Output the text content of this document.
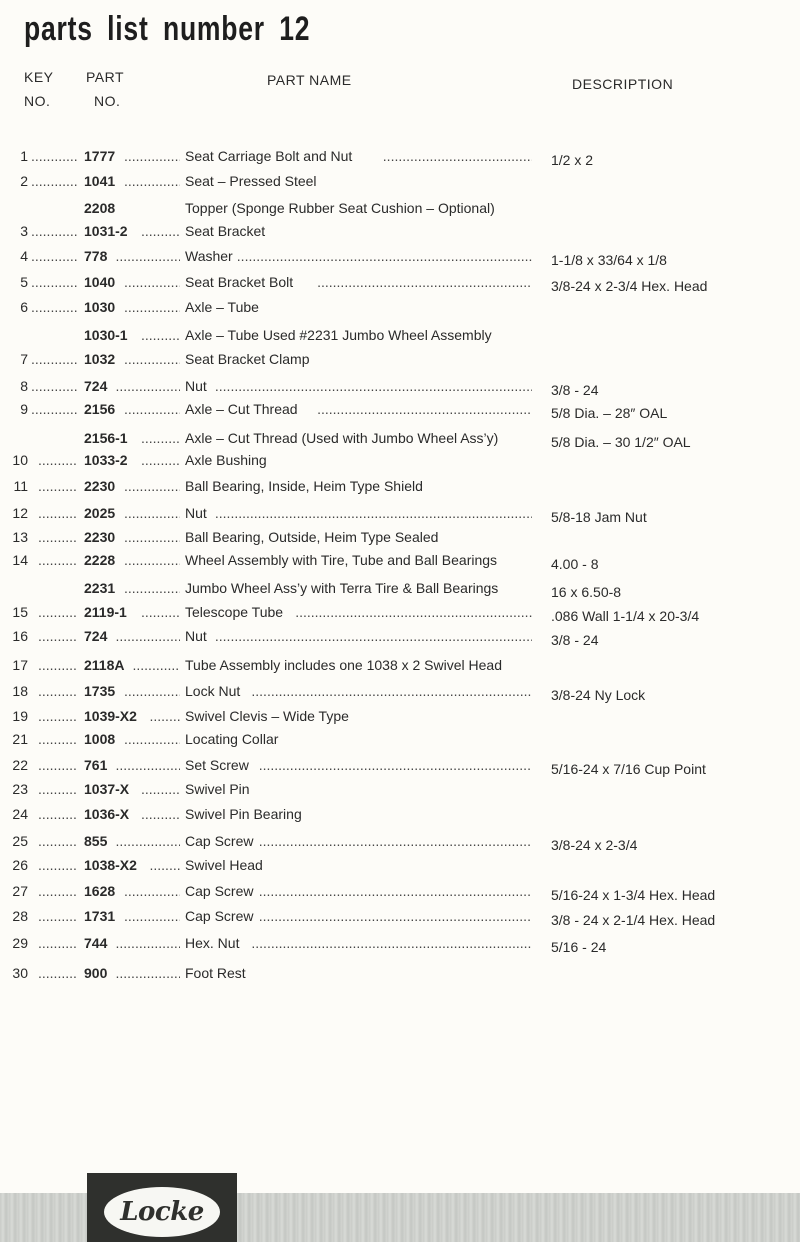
parts list number 12
KEY
NO.
PART
NO.
PART NAME	DESCRIPTION
1 .....	1777 .....	Seat Carriage Bolt and Nut .....	1/2 x 2
2 .....	1041 .....	Seat – Pressed Steel
2208	Topper (Sponge Rubber Seat Cushion – Optional)
3 .....	1031-2 .....	Seat Bracket
4 .....	778 .....	Washer .....	1-1/8 x 33/64 x 1/8
5 .....	1040 .....	Seat Bracket Bolt .....	3/8-24 x 2-3/4 Hex. Head
6 .....	1030 .....	Axle – Tube
1030-1 .....	Axle – Tube Used #2231 Jumbo Wheel Assembly
7 .....	1032 .....	Seat Bracket Clamp
8 .....	724 .....	Nut .....	3/8 - 24
9 .....	2156 .....	Axle – Cut Thread .....	5/8 Dia. – 28″ OAL
2156-1 .....	Axle – Cut Thread (Used with Jumbo Wheel Ass’y)	5/8 Dia. – 30 1/2″ OAL
10 .....	1033-2 .....	Axle Bushing
11 .....	2230 .....	Ball Bearing, Inside, Heim Type Shield
12 .....	2025 .....	Nut .....	5/8-18 Jam Nut
13 .....	2230 .....	Ball Bearing, Outside, Heim Type Sealed
14 .....	2228 .....	Wheel Assembly with Tire, Tube and Ball Bearings	4.00 - 8
2231 .....	Jumbo Wheel Ass’y with Terra Tire & Ball Bearings	16 x 6.50-8
15 .....	2119-1 .....	Telescope Tube .....	.086 Wall 1-1/4 x 20-3/4
16 .....	724 .....	Nut .....	3/8 - 24
17 .....	2118A .....	Tube Assembly includes one 1038 x 2 Swivel Head
18 .....	1735 .....	Lock Nut .....	3/8-24 Ny Lock
19 .....	1039-X2 .....	Swivel Clevis – Wide Type
21 .....	1008 .....	Locating Collar
22 .....	761 .....	Set Screw .....	5/16-24 x 7/16 Cup Point
23 .....	1037-X .....	Swivel Pin
24 .....	1036-X .....	Swivel Pin Bearing
25 .....	855 .....	Cap Screw .....	3/8-24 x 2-3/4
26 .....	1038-X2 .....	Swivel Head
27 .....	1628 .....	Cap Screw .....	5/16-24 x 1-3/4 Hex. Head
28 .....	1731 .....	Cap Screw .....	3/8 - 24 x 2-1/4 Hex. Head
29 .....	744 .....	Hex. Nut .....	5/16 - 24
30 .....	900 .....	Foot Rest
Locke
